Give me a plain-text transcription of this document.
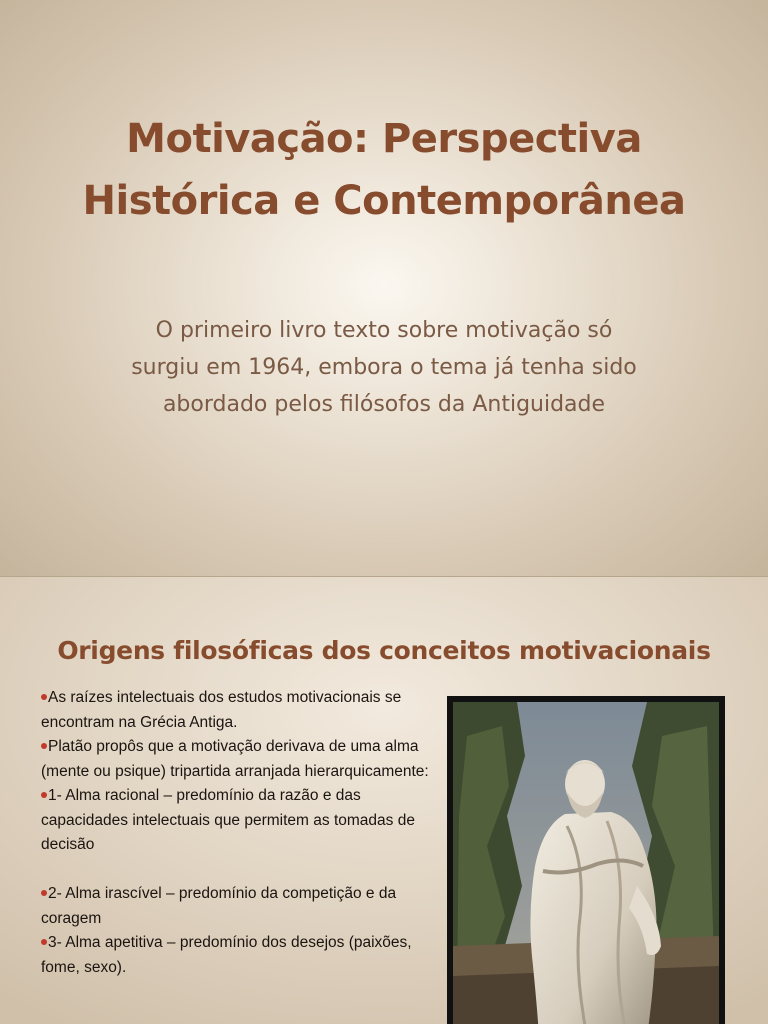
Motivação: Perspectiva
Histórica e Contemporânea

O primeiro livro texto sobre motivação só
surgiu em 1964, embora o tema já tenha sido
abordado pelos filósofos da Antiguidade

Origens filosóficas dos conceitos motivacionais
As raízes intelectuais dos estudos motivacionais se encontram na Grécia Antiga.
Platão propôs que a motivação derivava de uma alma (mente ou psique) tripartida arranjada hierarquicamente:
1- Alma racional – predomínio da razão e das capacidades intelectuais que permitem as tomadas de decisão
2- Alma irascível – predomínio da competição e da coragem
3- Alma apetitiva – predomínio dos desejos (paixões, fome, sexo).
